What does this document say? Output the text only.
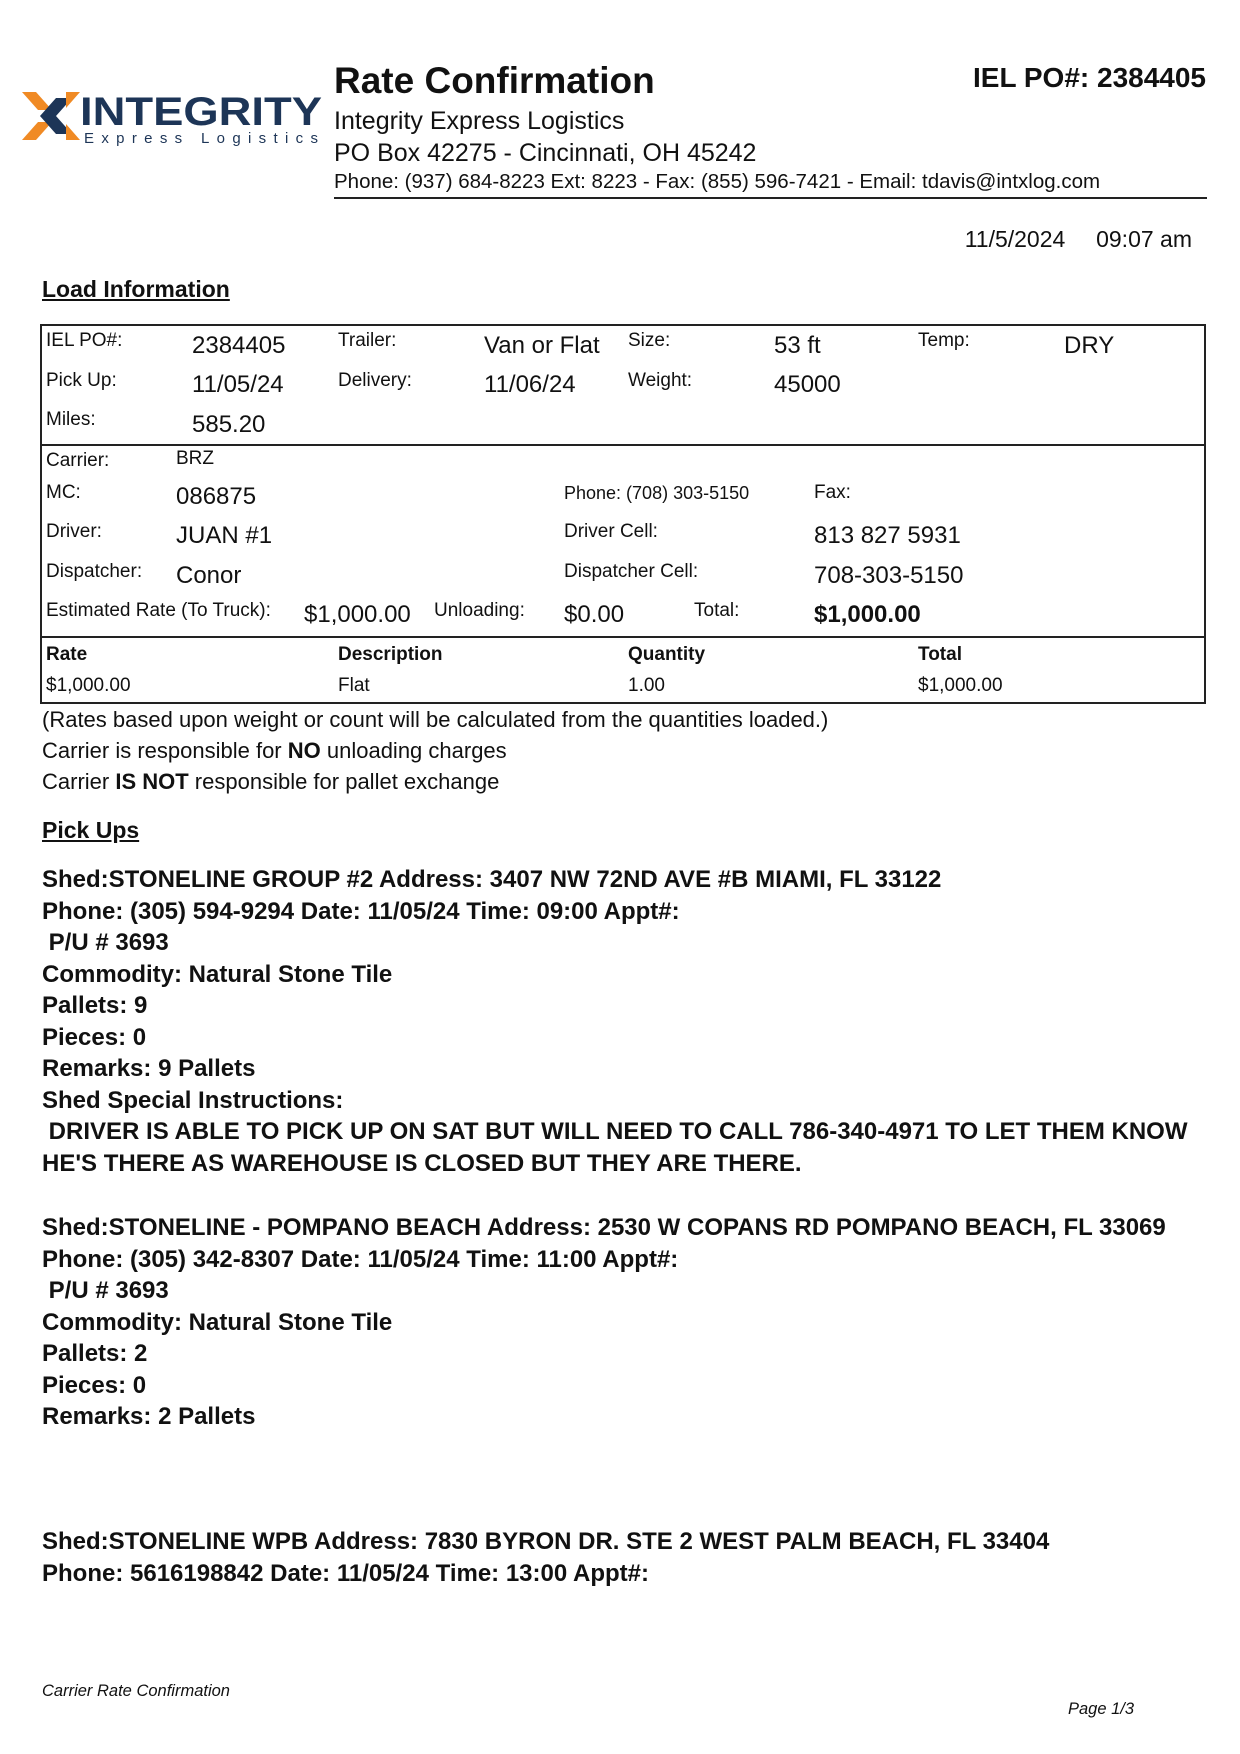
INTEGRITY
Express Logistics
Rate Confirmation	IEL PO#: 2384405
Integrity Express Logistics
PO Box 42275 - Cincinnati, OH 45242
Phone: (937) 684-8223 Ext: 8223 - Fax: (855) 596-7421 - Email: tdavis@intxlog.com
11/5/2024 09:07 am
Load Information
IEL PO#:	2384405	Trailer:	Van or Flat Size:	53 ft	Temp:	DRY
Pick Up:	11/05/24	Delivery:	11/06/24	Weight:	45000
Miles:	585.20
Carrier:	BRZ
MC:	086875	Phone: (708) 303-5150	Fax:
Driver:	JUAN #1	Driver Cell:	813 827 5931
Dispatcher: Conor	Dispatcher Cell:	708-303-5150
Estimated Rate (To Truck): $1,000.00 Unloading: $0.00	Total:	$1,000.00
Rate	Description	Quantity	Total
$1,000.00	Flat	1.00	$1,000.00
(Rates based upon weight or count will be calculated from the quantities loaded.)
Carrier is responsible for NO unloading charges
Carrier IS NOT responsible for pallet exchange
Pick Ups
Shed:STONELINE GROUP #2 Address: 3407 NW 72ND AVE #B MIAMI, FL 33122
Phone: (305) 594-9294 Date: 11/05/24 Time: 09:00 Appt#:
P/U # 3693
Commodity: Natural Stone Tile
Pallets: 9
Pieces: 0
Remarks: 9 Pallets
Shed Special Instructions:
DRIVER IS ABLE TO PICK UP ON SAT BUT WILL NEED TO CALL 786-340-4971 TO LET THEM KNOW HE'S THERE AS WAREHOUSE IS CLOSED BUT THEY ARE THERE.
Shed:STONELINE - POMPANO BEACH Address: 2530 W COPANS RD POMPANO BEACH, FL 33069
Phone: (305) 342-8307 Date: 11/05/24 Time: 11:00 Appt#:
P/U # 3693
Commodity: Natural Stone Tile
Pallets: 2
Pieces: 0
Remarks: 2 Pallets
Shed:STONELINE WPB Address: 7830 BYRON DR. STE 2 WEST PALM BEACH, FL 33404
Phone: 5616198842 Date: 11/05/24 Time: 13:00 Appt#:
Carrier Rate Confirmation
Page 1/3
